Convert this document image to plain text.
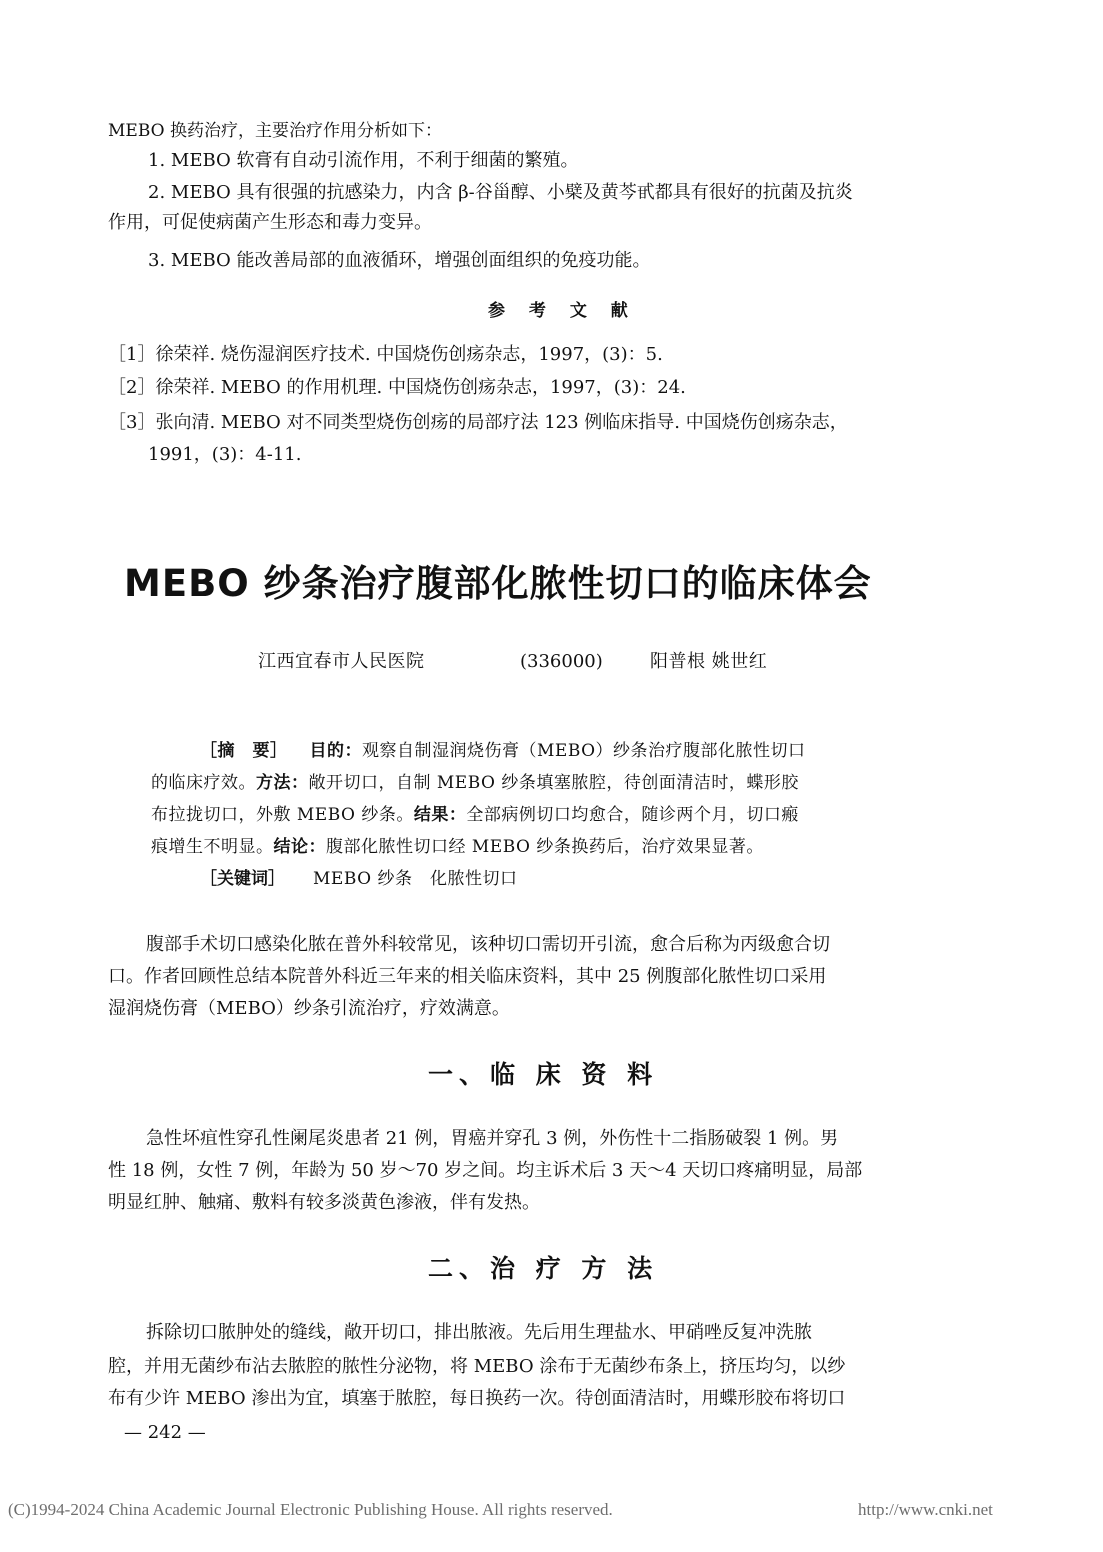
MEBO 换药治疗，主要治疗作用分析如下：
1. MEBO 软膏有自动引流作用，不利于细菌的繁殖。
2. MEBO 具有很强的抗感染力，内含 β-谷甾醇、小檗及黄芩甙都具有很好的抗菌及抗炎
作用，可促使病菌产生形态和毒力变异。
3. MEBO 能改善局部的血液循环，增强创面组织的免疫功能。
参 考 文 献
［1］徐荣祥. 烧伤湿润医疗技术. 中国烧伤创疡杂志，1997，(3)：5.
［2］徐荣祥. MEBO 的作用机理. 中国烧伤创疡杂志，1997，(3)：24.
［3］张向清. MEBO 对不同类型烧伤创疡的局部疗法 123 例临床指导. 中国烧伤创疡杂志，
1991，(3)：4-11.
MEBO 纱条治疗腹部化脓性切口的临床体会
江西宜春市人民医院	(336000)	阳普根 姚世红
［摘　要］ 目的：观察自制湿润烧伤膏（MEBO）纱条治疗腹部化脓性切口
的临床疗效。方法：敞开切口，自制 MEBO 纱条填塞脓腔，待创面清洁时，蝶形胶
布拉拢切口，外敷 MEBO 纱条。结果：全部病例切口均愈合，随诊两个月，切口瘢
痕增生不明显。结论：腹部化脓性切口经 MEBO 纱条换药后，治疗效果显著。
［关键词］ MEBO 纱条　化脓性切口
腹部手术切口感染化脓在普外科较常见，该种切口需切开引流，愈合后称为丙级愈合切
口。作者回顾性总结本院普外科近三年来的相关临床资料，其中 25 例腹部化脓性切口采用
湿润烧伤膏（MEBO）纱条引流治疗，疗效满意。
一、临 床 资 料
急性坏疽性穿孔性阑尾炎患者 21 例，胃癌并穿孔 3 例，外伤性十二指肠破裂 1 例。男
性 18 例，女性 7 例，年龄为 50 岁～70 岁之间。均主诉术后 3 天～4 天切口疼痛明显，局部
明显红肿、触痛、敷料有较多淡黄色渗液，伴有发热。
二、治 疗 方 法
拆除切口脓肿处的缝线，敞开切口，排出脓液。先后用生理盐水、甲硝唑反复冲洗脓
腔，并用无菌纱布沾去脓腔的脓性分泌物，将 MEBO 涂布于无菌纱布条上，挤压均匀，以纱
布有少许 MEBO 渗出为宜，填塞于脓腔，每日换药一次。待创面清洁时，用蝶形胶布将切口
— 242 —
(C)1994-2024 China Academic Journal Electronic Publishing House. All rights reserved.	http://www.cnki.net
